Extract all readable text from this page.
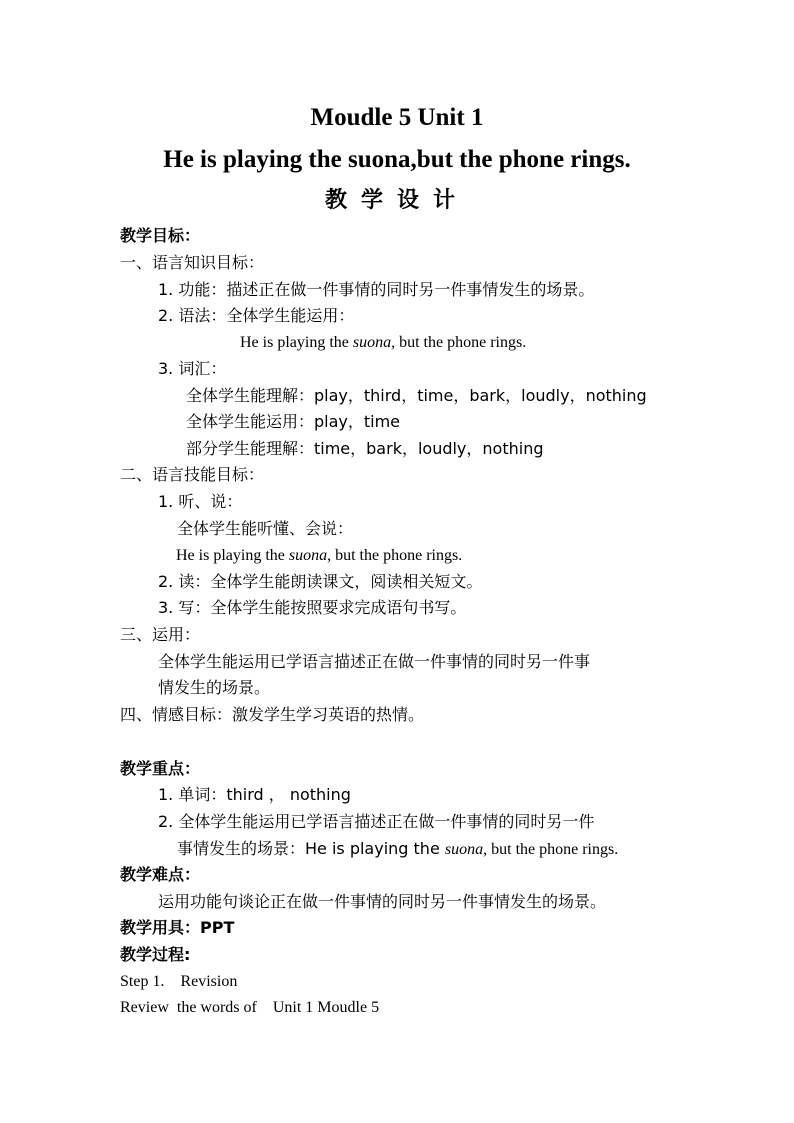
Moudle 5 Unit 1
He is playing the suona,but the phone rings.
教学设计
教学目标：
一、语言知识目标：
1. 功能：描述正在做一件事情的同时另一件事情发生的场景。
2. 语法：全体学生能运用：
He is playing the suona, but the phone rings.
3. 词汇：
全体学生能理解：play，third，time，bark，loudly，nothing
全体学生能运用：play，time
部分学生能理解：time，bark，loudly，nothing
二、语言技能目标：
1. 听、说：
全体学生能听懂、会说：
He is playing the suona, but the phone rings.
2. 读：全体学生能朗读课文，阅读相关短文。
3. 写：全体学生能按照要求完成语句书写。
三、运用：
全体学生能运用已学语言描述正在做一件事情的同时另一件事
情发生的场景。
四、情感目标：激发学生学习英语的热情。
教学重点：
1. 单词：third ， nothing
2. 全体学生能运用已学语言描述正在做一件事情的同时另一件
事情发生的场景：He is playing the suona, but the phone rings.
教学难点：
运用功能句谈论正在做一件事情的同时另一件事情发生的场景。
教学用具：PPT
教学过程:
Step 1.    Revision
Review  the words of    Unit 1 Moudle 5
